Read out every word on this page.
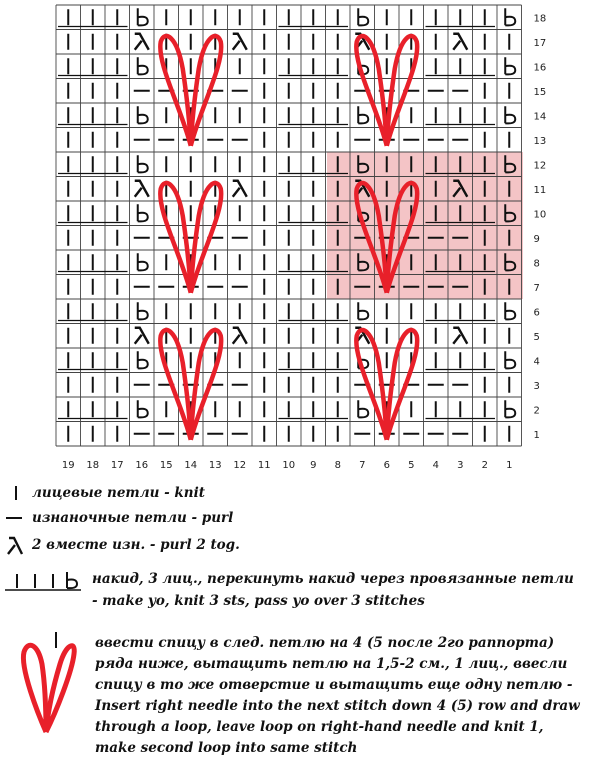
1
2
3
4
5
6
7
8
9
10
11
12
13
14
15
16
17
18
19 18 17 16 15 14 13 12 11 10 9 8 7 6 5 4 3 2 1
лицевые петли - knit
изнаночные петли - purl
2 вместе изн. - purl 2 tog.
накид, 3 лиц., перекинуть накид через провязанные петли
- make yo, knit 3 sts, pass yo over 3 stitches
ввести спицу в след. петлю на 4 (5 после 2го раппорта) ряда ниже, вытащить петлю на 1,5-2 см., 1 лиц., ввесли спицу в то же отверстие и вытащить еще одну петлю - Insert right needle into the next stitch down 4 (5) row and draw through a loop, leave loop on right-hand needle and knit 1, make second loop into same stitch
